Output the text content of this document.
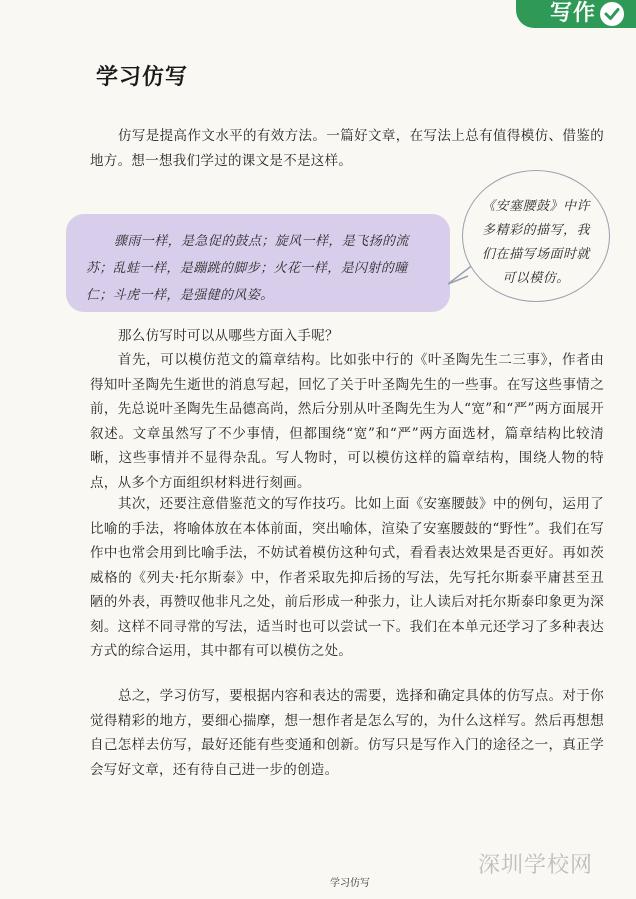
写作
学习仿写

仿写是提高作文水平的有效方法。一篇好文章，在写法上总有值得模仿、借鉴的地方。想一想我们学过的课文是不是这样。

骤雨一样，是急促的鼓点；旋风一样，是飞扬的流苏；乱蛙一样，是蹦跳的脚步；火花一样，是闪射的瞳仁；斗虎一样，是强健的风姿。
《安塞腰鼓》中许多精彩的描写，我们在描写场面时就可以模仿。

那么仿写时可以从哪些方面入手呢？

首先，可以模仿范文的篇章结构。比如张中行的《叶圣陶先生二三事》，作者由得知叶圣陶先生逝世的消息写起，回忆了关于叶圣陶先生的一些事。在写这些事情之前，先总说叶圣陶先生品德高尚，然后分别从叶圣陶先生为人“宽”和“严”两方面展开叙述。文章虽然写了不少事情，但都围绕“宽”和“严”两方面选材，篇章结构比较清晰，这些事情并不显得杂乱。写人物时，可以模仿这样的篇章结构，围绕人物的特点，从多个方面组织材料进行刻画。

其次，还要注意借鉴范文的写作技巧。比如上面《安塞腰鼓》中的例句，运用了比喻的手法，将喻体放在本体前面，突出喻体，渲染了安塞腰鼓的“野性”。我们在写作中也常会用到比喻手法，不妨试着模仿这种句式，看看表达效果是否更好。再如茨威格的《列夫·托尔斯泰》中，作者采取先抑后扬的写法，先写托尔斯泰平庸甚至丑陋的外表，再赞叹他非凡之处，前后形成一种张力，让人读后对托尔斯泰印象更为深刻。这样不同寻常的写法，适当时也可以尝试一下。我们在本单元还学习了多种表达方式的综合运用，其中都有可以模仿之处。

总之，学习仿写，要根据内容和表达的需要，选择和确定具体的仿写点。对于你觉得精彩的地方，要细心揣摩，想一想作者是怎么写的，为什么这样写。然后再想想自己怎样去仿写，最好还能有些变通和创新。仿写只是写作入门的途径之一，真正学会写好文章，还有待自己进一步的创造。

深圳学校网
学习仿写
